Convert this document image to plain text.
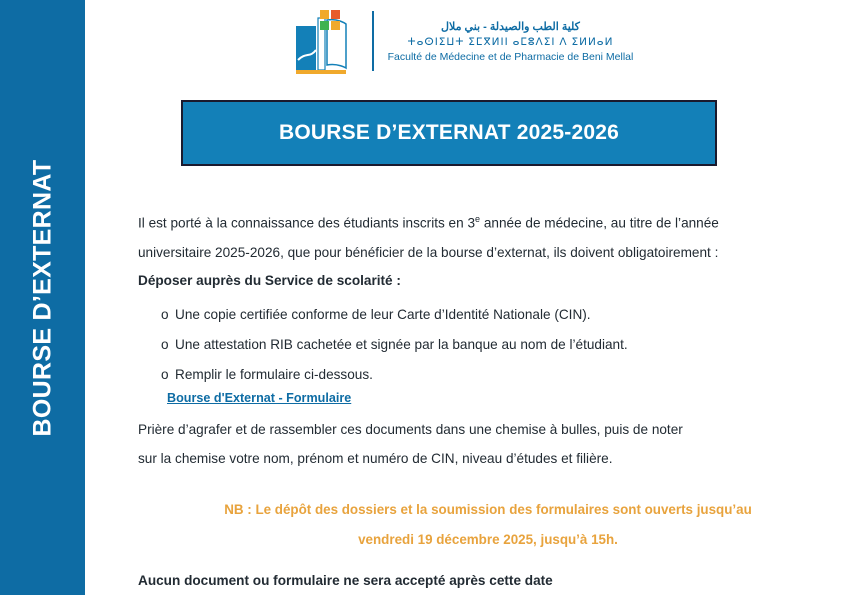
BOURSE D’EXTERNAT
كلية الطب والصيدلة - بني ملال
ⵜⴰⵙⵏⵉⵡⵜ ⵉⵎⴳⵍⵏⵏ ⴰⵎⵓⴷⵉⵏ ⴷ ⵉⵍⵍⴰⵍ
Faculté de Médecine et de Pharmacie de Beni Mellal
BOURSE D’EXTERNAT 2025-2026

Il est porté à la connaissance des étudiants inscrits en 3e année de médecine, au titre de l’année

universitaire 2025-2026, que pour bénéficier de la bourse d’externat, ils doivent obligatoirement :

Déposer auprès du Service de scolarité :

o Une copie certifiée conforme de leur Carte d’Identité Nationale (CIN).

o Une attestation RIB cachetée et signée par la banque au nom de l’étudiant.

o Remplir le formulaire ci-dessous.

Bourse d'Externat - Formulaire

Prière d’agrafer et de rassembler ces documents dans une chemise à bulles, puis de noter

sur la chemise votre nom, prénom et numéro de CIN, niveau d’études et filière.

NB : Le dépôt des dossiers et la soumission des formulaires sont ouverts jusqu’au
vendredi 19 décembre 2025, jusqu’à 15h.

Aucun document ou formulaire ne sera accepté après cette date
